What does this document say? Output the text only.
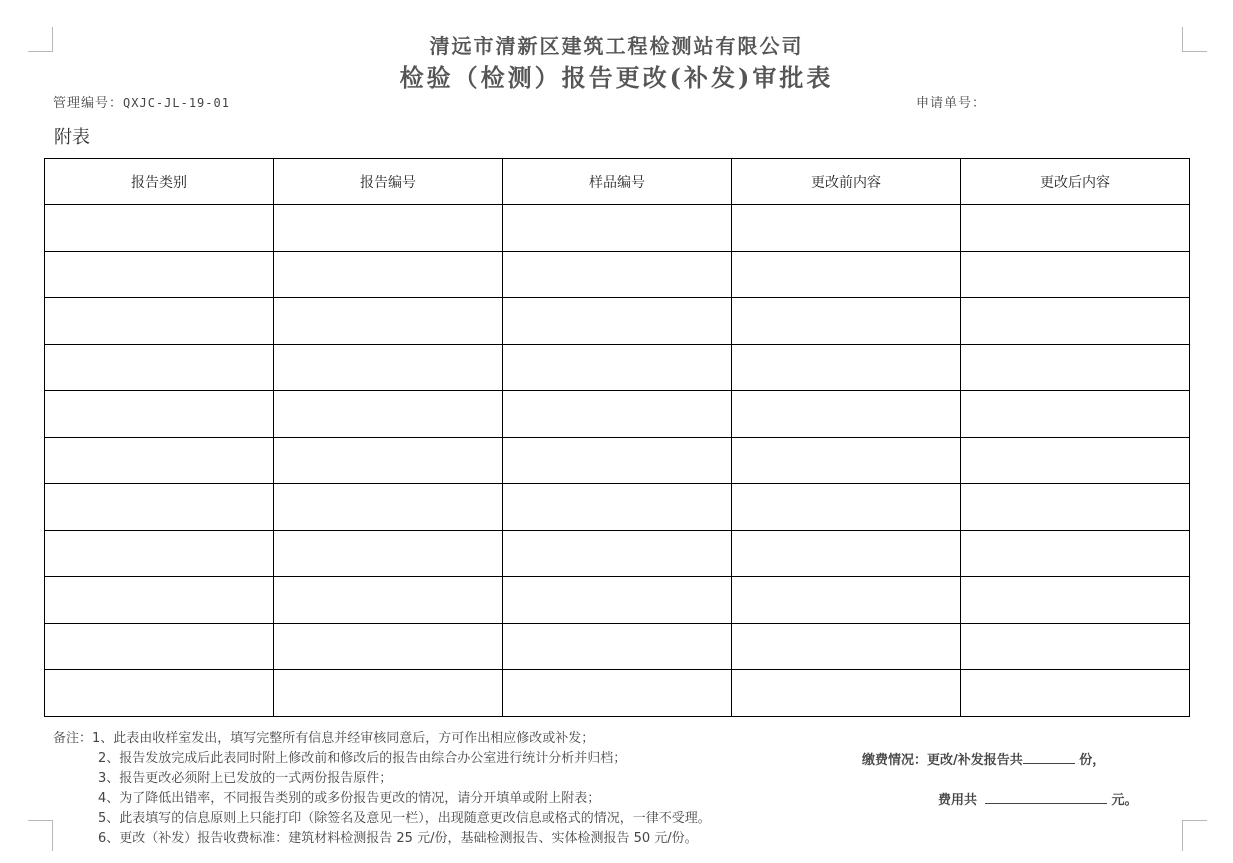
清远市清新区建筑工程检测站有限公司
检验（检测）报告更改(补发)审批表
管理编号：QXJC-JL-19-01	申请单号：
附表
报告类别	报告编号	样品编号	更改前内容	更改后内容

备注：1、此表由收样室发出，填写完整所有信息并经审核同意后，方可作出相应修改或补发；
2、报告发放完成后此表同时附上修改前和修改后的报告由综合办公室进行统计分析并归档；
3、报告更改必须附上已发放的一式两份报告原件；
4、为了降低出错率，不同报告类别的或多份报告更改的情况，请分开填单或附上附表；
5、此表填写的信息原则上只能打印（除签名及意见一栏），出现随意更改信息或格式的情况，一律不受理。
6、更改（补发）报告收费标准：建筑材料检测报告 25 元/份，基础检测报告、实体检测报告 50 元/份。
缴费情况：更改/补发报告共	份，
费用共	元。
